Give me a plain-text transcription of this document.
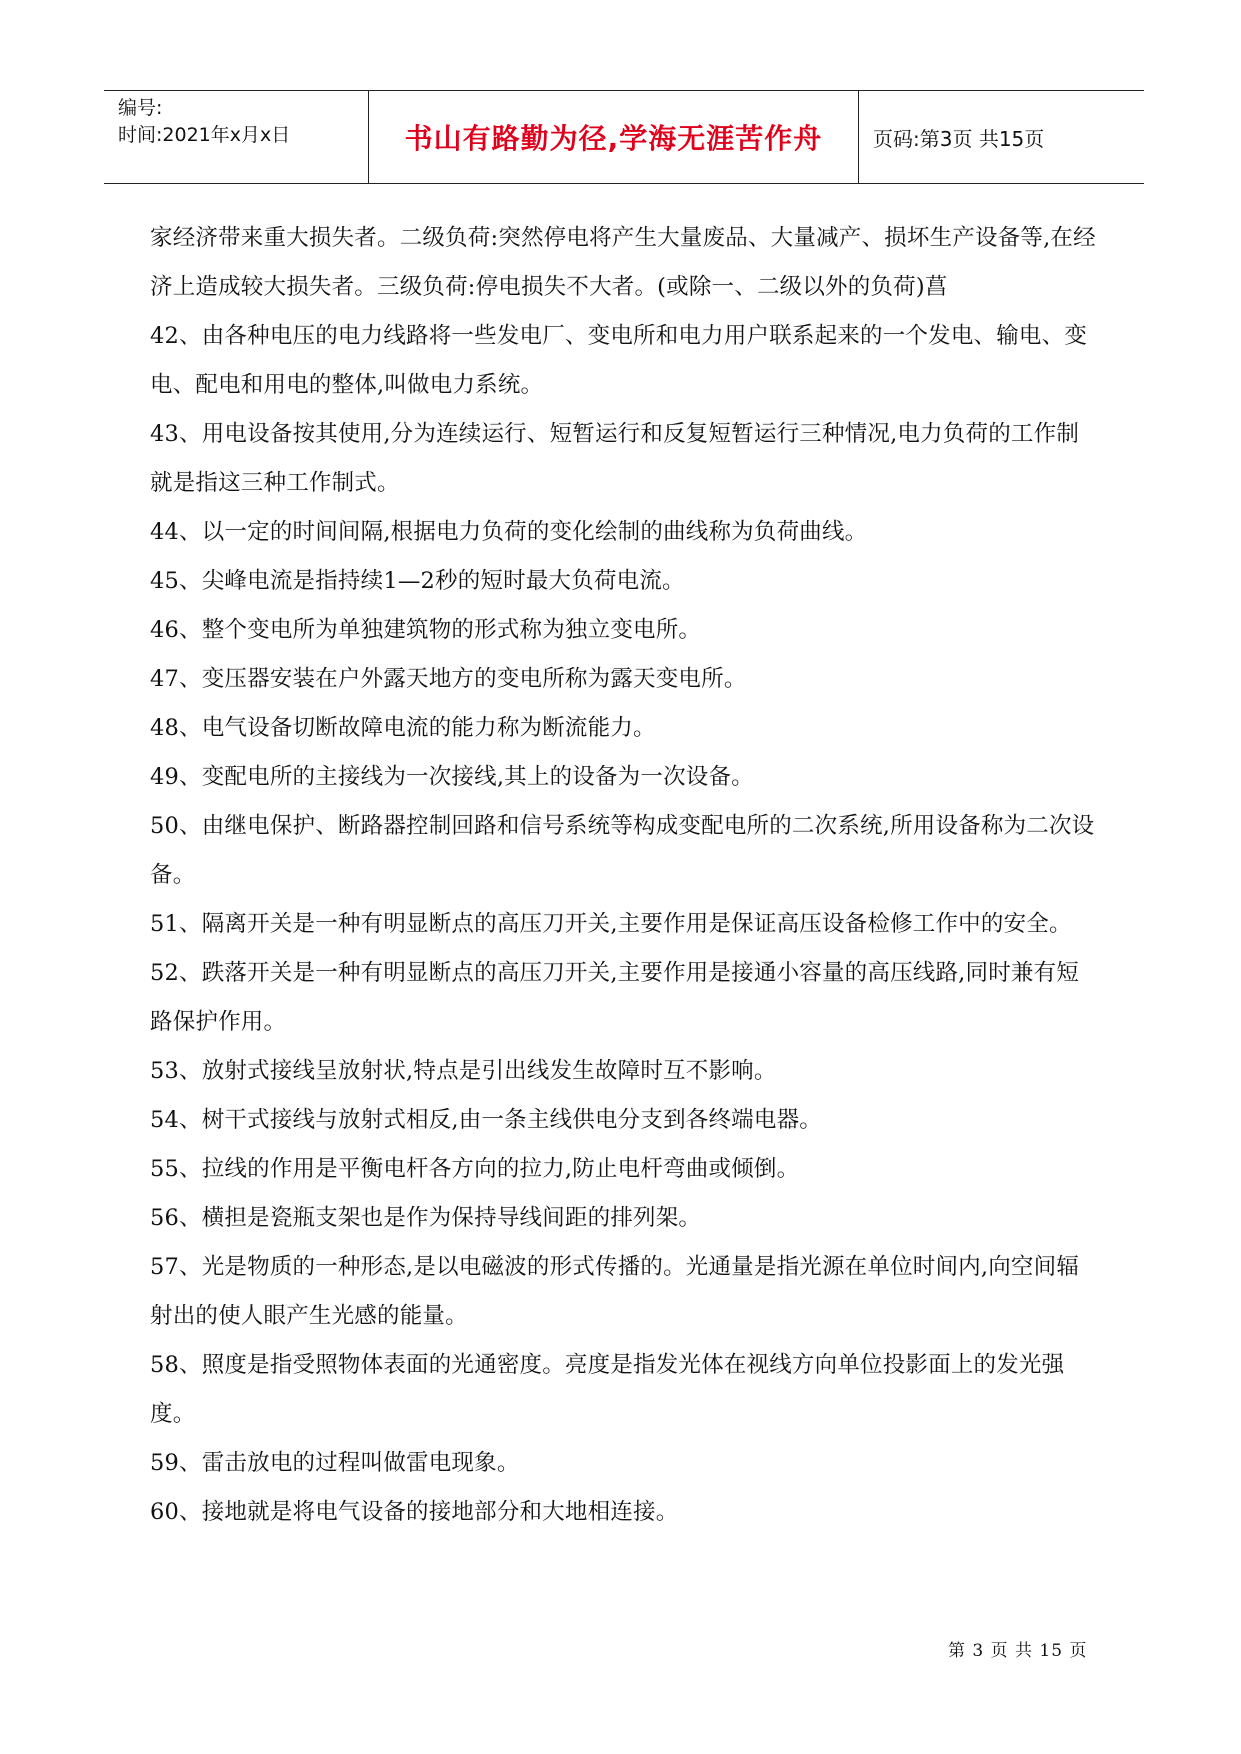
编号:
时间:2021年x月x日	书山有路勤为径,学海无涯苦作舟	页码:第3页 共15页

家经济带来重大损失者。二级负荷:突然停电将产生大量废品、大量减产、损坏生产设备等,在经济上造成较大损失者。三级负荷:停电损失不大者。(或除一、二级以外的负荷)菖

42、由各种电压的电力线路将一些发电厂、变电所和电力用户联系起来的一个发电、输电、变电、配电和用电的整体,叫做电力系统。

43、用电设备按其使用,分为连续运行、短暂运行和反复短暂运行三种情况,电力负荷的工作制就是指这三种工作制式。

44、以一定的时间间隔,根据电力负荷的变化绘制的曲线称为负荷曲线。

45、尖峰电流是指持续1—2秒的短时最大负荷电流。

46、整个变电所为单独建筑物的形式称为独立变电所。

47、变压器安装在户外露天地方的变电所称为露天变电所。

48、电气设备切断故障电流的能力称为断流能力。

49、变配电所的主接线为一次接线,其上的设备为一次设备。

50、由继电保护、断路器控制回路和信号系统等构成变配电所的二次系统,所用设备称为二次设备。

51、隔离开关是一种有明显断点的高压刀开关,主要作用是保证高压设备检修工作中的安全。

52、跌落开关是一种有明显断点的高压刀开关,主要作用是接通小容量的高压线路,同时兼有短路保护作用。

53、放射式接线呈放射状,特点是引出线发生故障时互不影响。

54、树干式接线与放射式相反,由一条主线供电分支到各终端电器。

55、拉线的作用是平衡电杆各方向的拉力,防止电杆弯曲或倾倒。

56、横担是瓷瓶支架也是作为保持导线间距的排列架。

57、光是物质的一种形态,是以电磁波的形式传播的。光通量是指光源在单位时间内,向空间辐射出的使人眼产生光感的能量。

58、照度是指受照物体表面的光通密度。亮度是指发光体在视线方向单位投影面上的发光强度。

59、雷击放电的过程叫做雷电现象。

60、接地就是将电气设备的接地部分和大地相连接。

第 3 页 共 15 页
